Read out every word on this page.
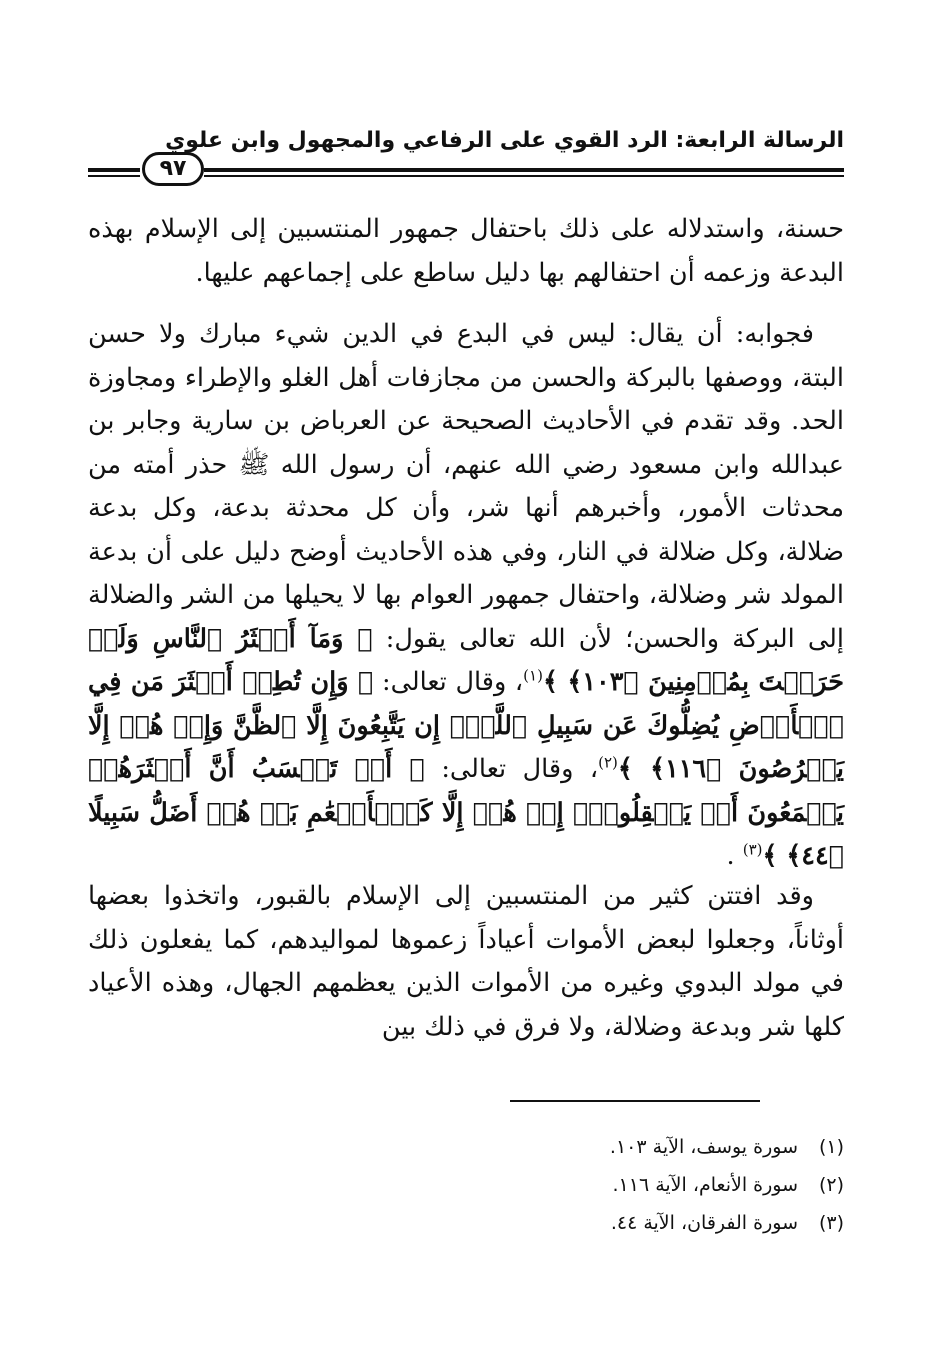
الرسالة الرابعة: الرد القوي على الرفاعي والمجهول وابن علوي
٩٧

حسنة، واستدلاله على ذلك باحتفال جمهور المنتسبين إلى الإسلام بهذه البدعة وزعمه أن احتفالهم بها دليل ساطع على إجماعهم عليها.

فجوابه: أن يقال: ليس في البدع في الدين شيء مبارك ولا حسن البتة، ووصفها بالبركة والحسن من مجازفات أهل الغلو والإطراء ومجاوزة الحد. وقد تقدم في الأحاديث الصحيحة عن العرباض بن سارية وجابر بن عبدالله وابن مسعود رضي الله عنهم، أن رسول الله ﷺ حذر أمته من محدثات الأمور، وأخبرهم أنها شر، وأن كل محدثة بدعة، وكل بدعة ضلالة، وكل ضلالة في النار، وفي هذه الأحاديث أوضح دليل على أن بدعة المولد شر وضلالة، واحتفال جمهور العوام بها لا يحيلها من الشر والضلالة إلى البركة والحسن؛ لأن الله تعالى يقول: ﴿ وَمَآ أَكۡثَرُ ٱلنَّاسِ وَلَوۡ حَرَصۡتَ بِمُؤۡمِنِينَ ﴿١٠٣﴾ ﴾$^{(١)}$، وقال تعالى: ﴿ وَإِن تُطِعۡ أَكۡثَرَ مَن فِي ٱلۡأَرۡضِ يُضِلُّوكَ عَن سَبِيلِ ٱللَّهِۚ إِن يَتَّبِعُونَ إِلَّا ٱلظَّنَّ وَإِنۡ هُمۡ إِلَّا يَخۡرُصُونَ ﴿١١٦﴾ ﴾$^{(٢)}$، وقال تعالى: ﴿ أَمۡ تَحۡسَبُ أَنَّ أَكۡثَرَهُمۡ يَسۡمَعُونَ أَوۡ يَعۡقِلُونَۚ إِنۡ هُمۡ إِلَّا كَٱلۡأَنۡعَٰمِ بَلۡ هُمۡ أَضَلُّ سَبِيلًا ﴿٤٤﴾ ﴾$^{(٣)}$ .

وقد افتتن كثير من المنتسبين إلى الإسلام بالقبور، واتخذوا بعضها أوثاناً، وجعلوا لبعض الأموات أعياداً زعموها لمواليدهم، كما يفعلون ذلك في مولد البدوي وغيره من الأموات الذين يعظمهم الجهال، وهذه الأعياد كلها شر وبدعة وضلالة، ولا فرق في ذلك بين

(١)
سورة يوسف، الآية ١٠٣.
(٢)
سورة الأنعام، الآية ١١٦.
(٣)
سورة الفرقان، الآية ٤٤.
